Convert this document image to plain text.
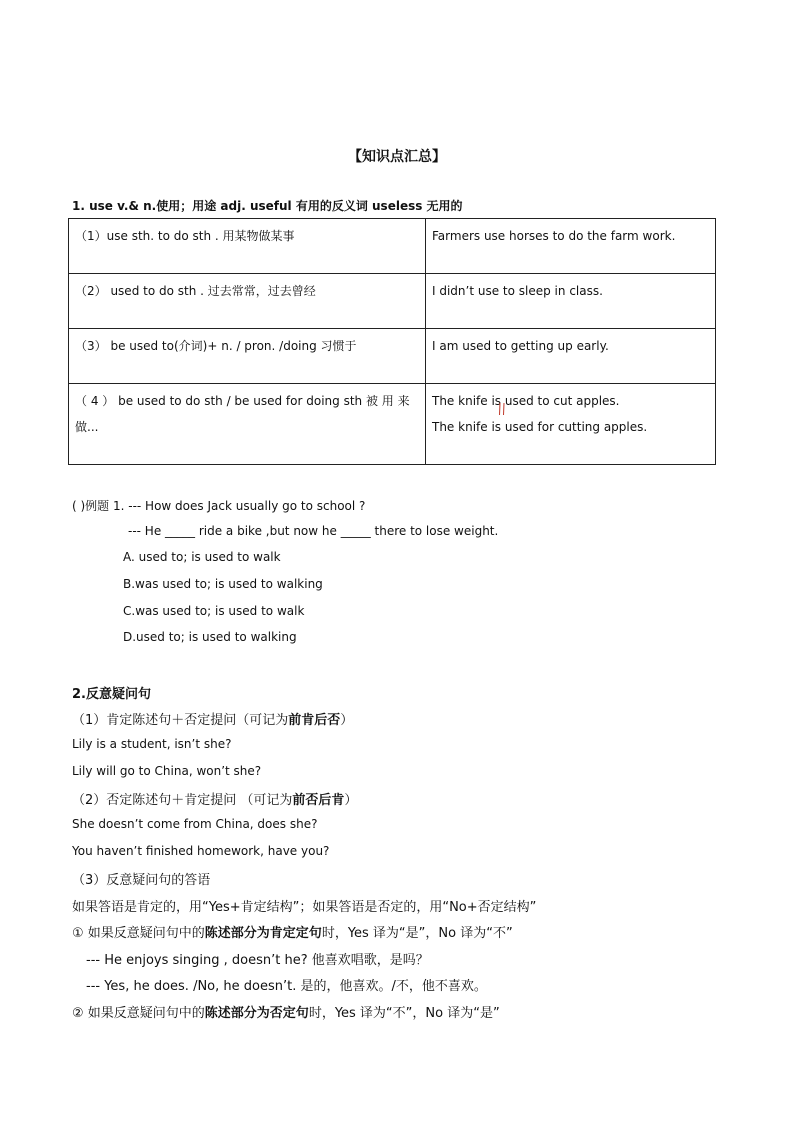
【知识点汇总】
1. use v.& n.使用；用途 adj. useful 有用的反义词 useless 无用的
（1）use sth. to do sth . 用某物做某事	Farmers use horses to do the farm work.

（2） used to do sth . 过去常常，过去曾经	I didn’t use to sleep in class.

（3） be used to(介词)+ n. / pron. /doing 习惯于	I am used to getting up early.

（ 4 ） be used to do sth / be used for doing sth 被 用 来 做...	The knife is used to cut apples.
The knife is used for cutting apples.
( )例题 1. --- How does Jack usually go to school ?
--- He _____ ride a bike ,but now he _____ there to lose weight.
A. used to; is used to walk
B.was used to; is used to walking
C.was used to; is used to walk
D.used to; is used to walking
2.反意疑问句
（1）肯定陈述句＋否定提问（可记为前肯后否）
Lily is a student, isn’t she?
Lily will go to China, won’t she?
（2）否定陈述句＋肯定提问 （可记为前否后肯）
She doesn’t come from China, does she?
You haven’t finished homework, have you?
（3）反意疑问句的答语
如果答语是肯定的，用“Yes+肯定结构”；如果答语是否定的，用“No+否定结构”
① 如果反意疑问句中的陈述部分为肯定定句时，Yes 译为“是”，No 译为“不”
--- He enjoys singing , doesn’t he? 他喜欢唱歌，是吗？
--- Yes, he does. /No, he doesn’t. 是的，他喜欢。/不，他不喜欢。
② 如果反意疑问句中的陈述部分为否定句时，Yes 译为“不”，No 译为“是”
